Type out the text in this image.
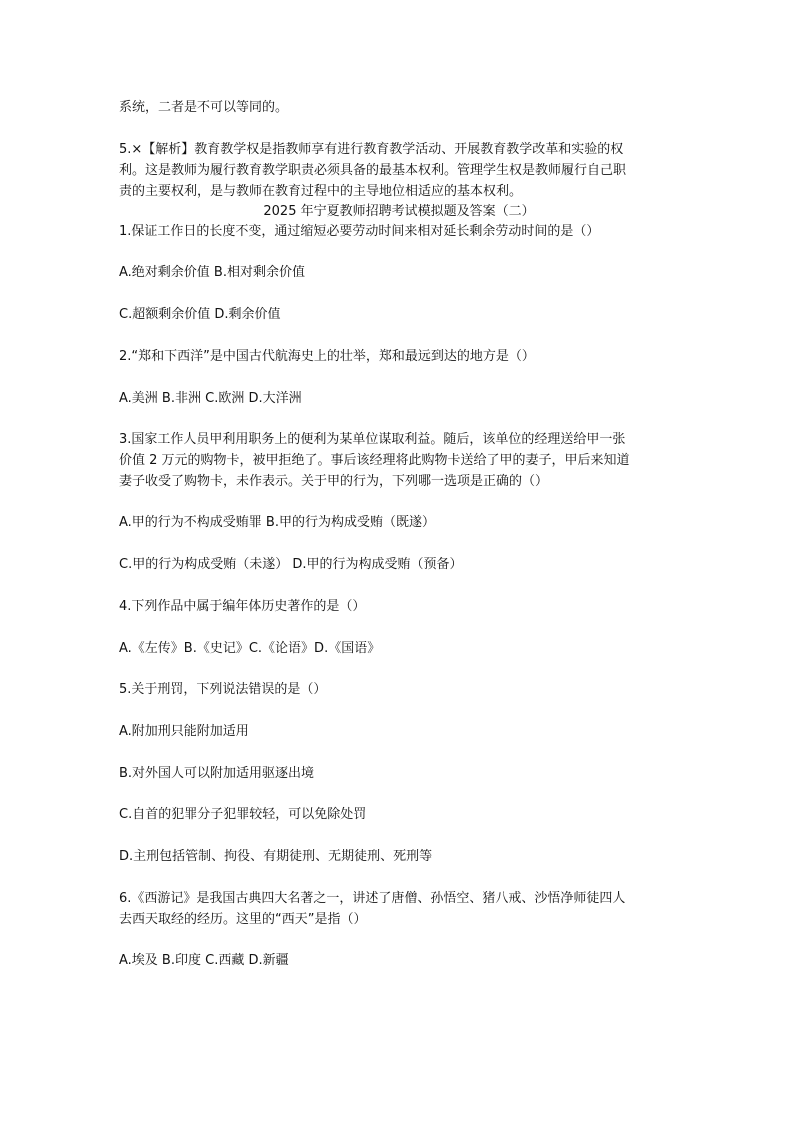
系统，二者是不可以等同的。
5.×【解析】教育教学权是指教师享有进行教育教学活动、开展教育教学改革和实验的权
利。这是教师为履行教育教学职责必须具备的最基本权利。管理学生权是教师履行自己职
责的主要权利，是与教师在教育过程中的主导地位相适应的基本权利。
2025 年宁夏教师招聘考试模拟题及答案（二）
1.保证工作日的长度不变，通过缩短必要劳动时间来相对延长剩余劳动时间的是（）
A.绝对剩余价值 B.相对剩余价值
C.超额剩余价值 D.剩余价值
2.“郑和下西洋”是中国古代航海史上的壮举，郑和最远到达的地方是（）
A.美洲 B.非洲 C.欧洲 D.大洋洲
3.国家工作人员甲利用职务上的便利为某单位谋取利益。随后，该单位的经理送给甲一张
价值 2 万元的购物卡，被甲拒绝了。事后该经理将此购物卡送给了甲的妻子，甲后来知道
妻子收受了购物卡，未作表示。关于甲的行为，下列哪一选项是正确的（）
A.甲的行为不构成受贿罪 B.甲的行为构成受贿（既遂）
C.甲的行为构成受贿（未遂） D.甲的行为构成受贿（预备）
4.下列作品中属于编年体历史著作的是（）
A.《左传》B.《史记》C.《论语》D.《国语》
5.关于刑罚，下列说法错误的是（）
A.附加刑只能附加适用
B.对外国人可以附加适用驱逐出境
C.自首的犯罪分子犯罪较轻，可以免除处罚
D.主刑包括管制、拘役、有期徒刑、无期徒刑、死刑等
6.《西游记》是我国古典四大名著之一，讲述了唐僧、孙悟空、猪八戒、沙悟净师徒四人
去西天取经的经历。这里的“西天”是指（）
A.埃及 B.印度 C.西藏 D.新疆
